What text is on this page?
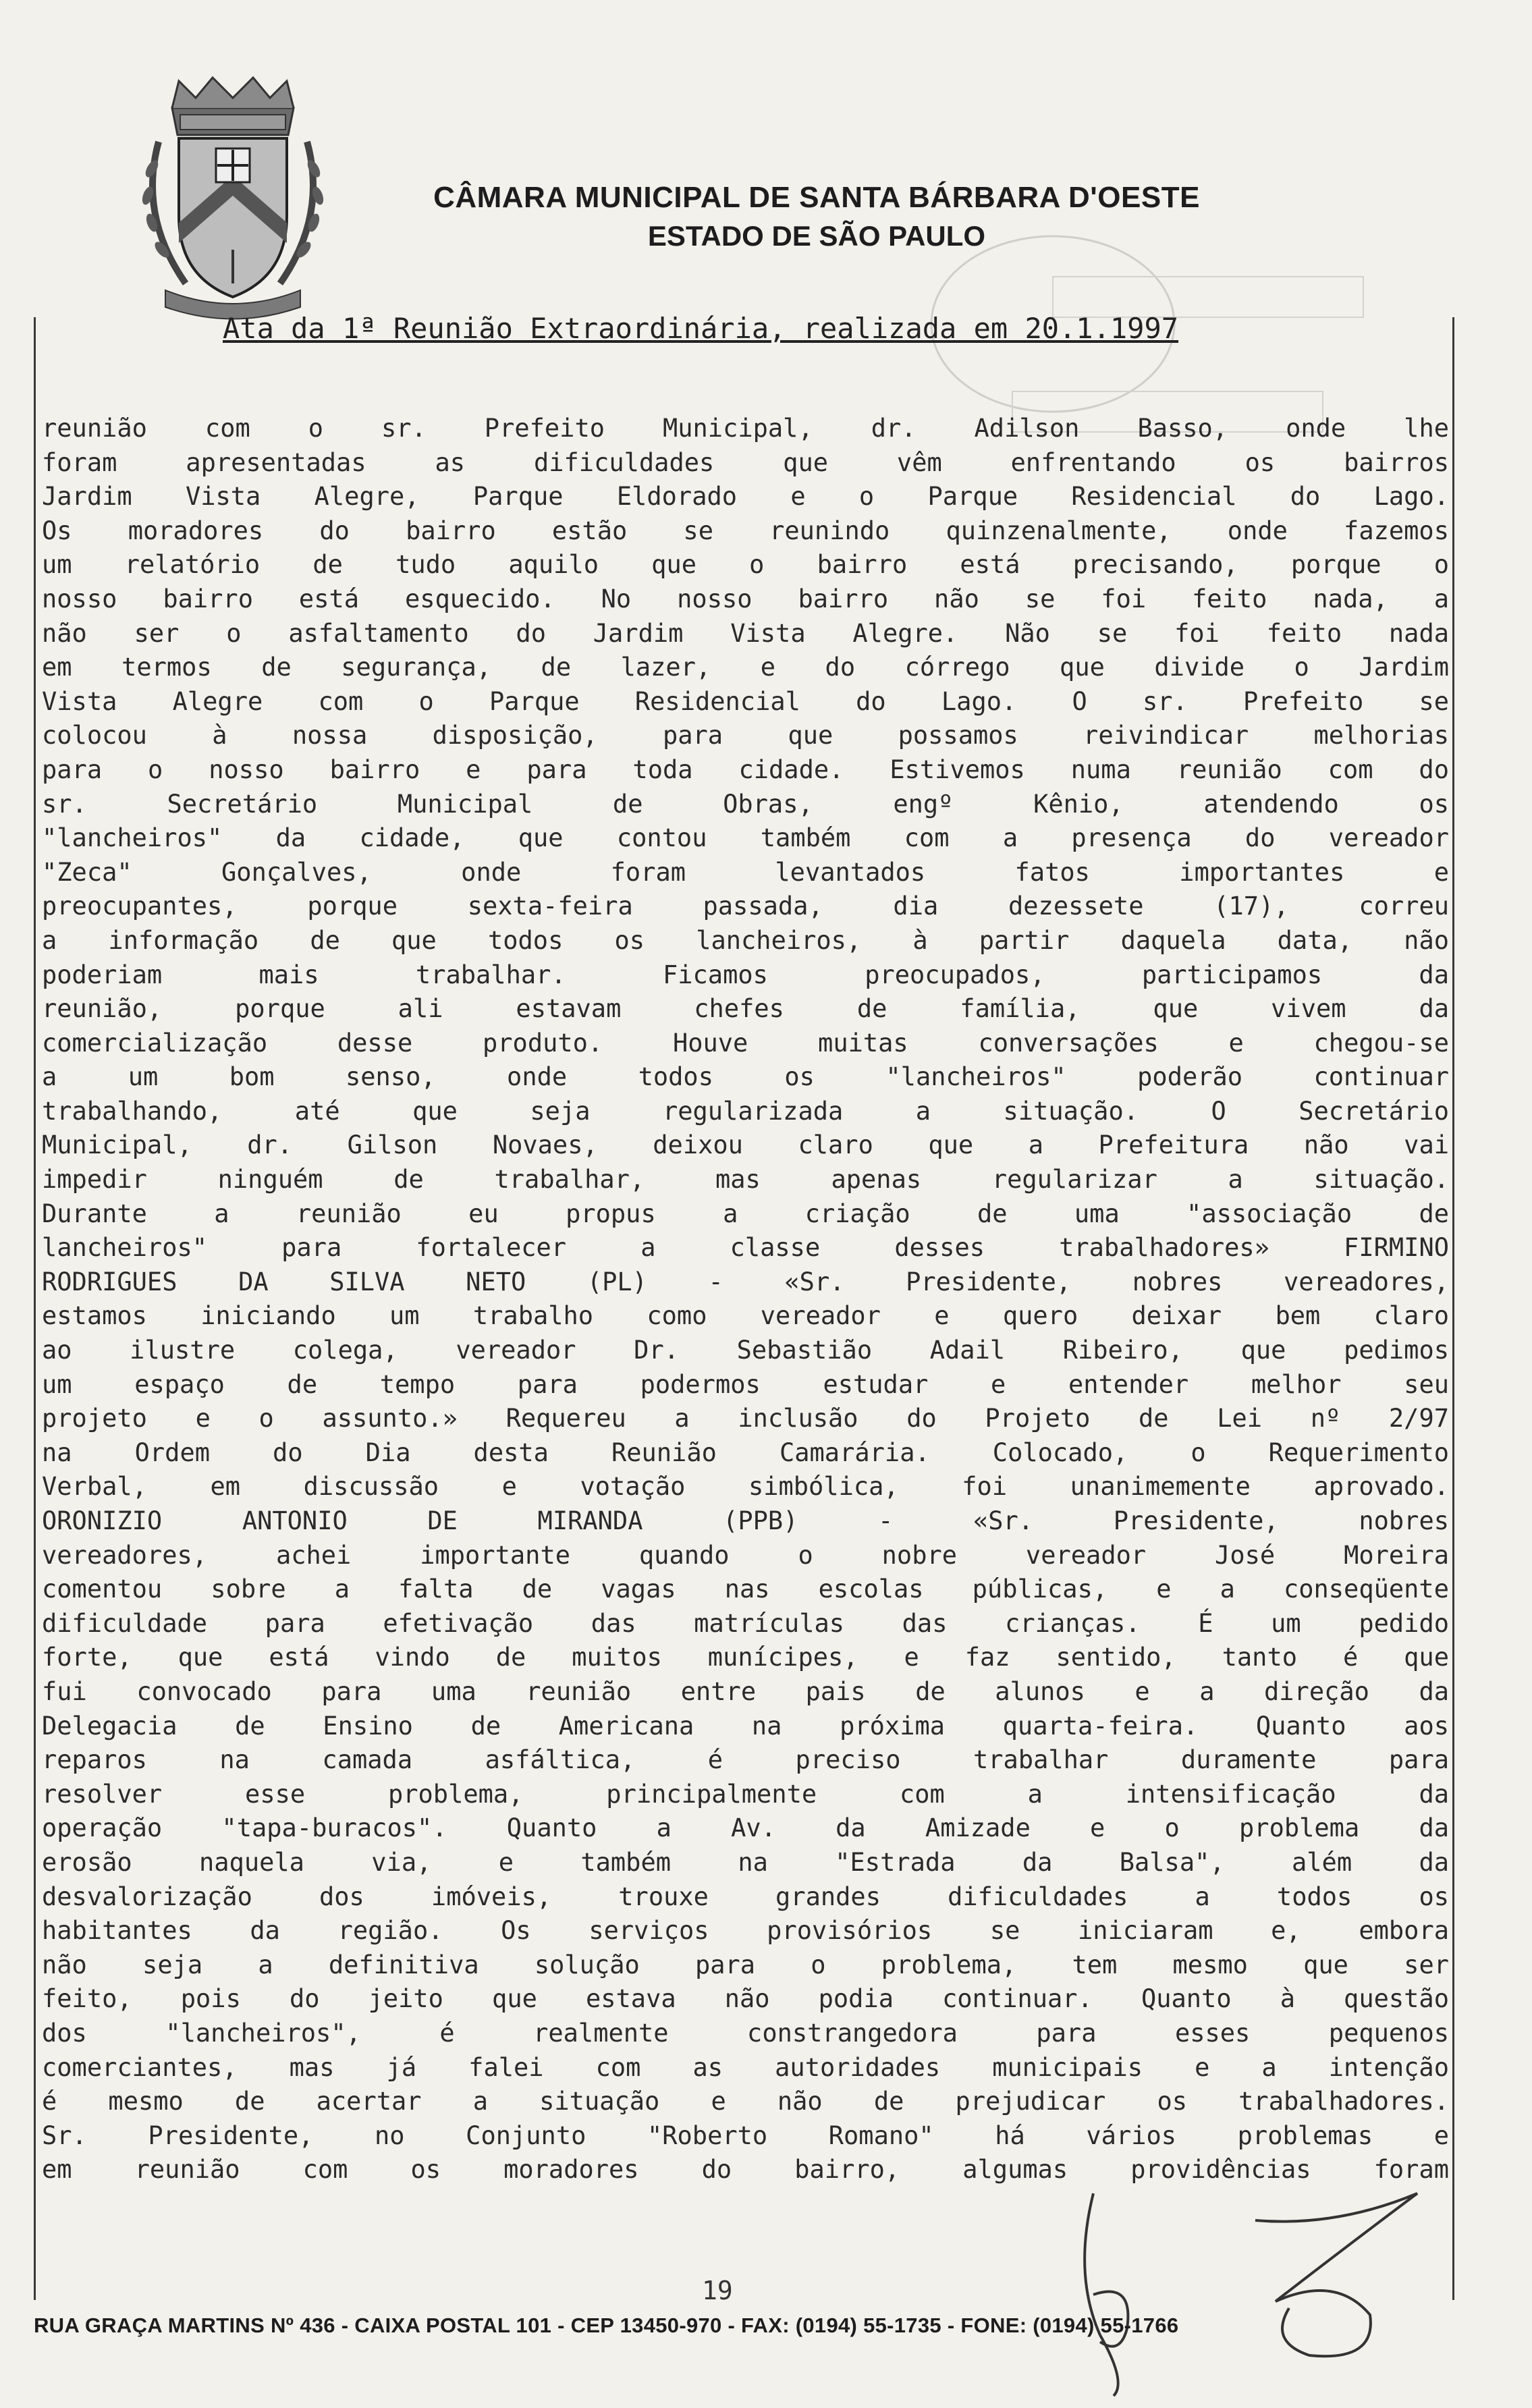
CÂMARA MUNICIPAL DE SANTA BÁRBARA D'OESTE
ESTADO DE SÃO PAULO
Ata da 1ª Reunião Extraordinária, realizada em 20.1.1997
reunião com o sr. Prefeito Municipal, dr. Adilson Basso, onde lhe
foram apresentadas as dificuldades que vêm enfrentando os bairros
Jardim Vista Alegre, Parque Eldorado e o Parque Residencial do Lago.
Os moradores do bairro estão se reunindo quinzenalmente, onde fazemos
um relatório de tudo aquilo que o bairro está precisando, porque o
nosso bairro está esquecido. No nosso bairro não se foi feito nada, a
não ser o asfaltamento do Jardim Vista Alegre. Não se foi feito nada
em termos de segurança, de lazer, e do córrego que divide o Jardim
Vista Alegre com o Parque Residencial do Lago. O sr. Prefeito se
colocou à nossa disposição, para que possamos reivindicar melhorias
para o nosso bairro e para toda cidade. Estivemos numa reunião com do
sr. Secretário Municipal de Obras, engº Kênio, atendendo os
"lancheiros" da cidade, que contou também com a presença do vereador
"Zeca" Gonçalves, onde foram levantados fatos importantes e
preocupantes, porque sexta-feira passada, dia dezessete (17), correu
a informação de que todos os lancheiros, à partir daquela data, não
poderiam mais trabalhar. Ficamos preocupados, participamos da
reunião, porque ali estavam chefes de família, que vivem da
comercialização desse produto. Houve muitas conversações e chegou-se
a um bom senso, onde todos os "lancheiros" poderão continuar
trabalhando, até que seja regularizada a situação. O Secretário
Municipal, dr. Gilson Novaes, deixou claro que a Prefeitura não vai
impedir ninguém de trabalhar, mas apenas regularizar a situação.
Durante a reunião eu propus a criação de uma "associação de
lancheiros" para fortalecer a classe desses trabalhadores» FIRMINO
RODRIGUES DA SILVA NETO (PL) - «Sr. Presidente, nobres vereadores,
estamos iniciando um trabalho como vereador e quero deixar bem claro
ao ilustre colega, vereador Dr. Sebastião Adail Ribeiro, que pedimos
um espaço de tempo para podermos estudar e entender melhor seu
projeto e o assunto.» Requereu a inclusão do Projeto de Lei nº 2/97
na Ordem do Dia desta Reunião Camarária. Colocado, o Requerimento
Verbal, em discussão e votação simbólica, foi unanimemente aprovado.
ORONIZIO ANTONIO DE MIRANDA (PPB) - «Sr. Presidente, nobres
vereadores, achei importante quando o nobre vereador José Moreira
comentou sobre a falta de vagas nas escolas públicas, e a conseqüente
dificuldade para efetivação das matrículas das crianças. É um pedido
forte, que está vindo de muitos munícipes, e faz sentido, tanto é que
fui convocado para uma reunião entre pais de alunos e a direção da
Delegacia de Ensino de Americana na próxima quarta-feira. Quanto aos
reparos na camada asfáltica, é preciso trabalhar duramente para
resolver esse problema, principalmente com a intensificação da
operação "tapa-buracos". Quanto a Av. da Amizade e o problema da
erosão naquela via, e também na "Estrada da Balsa", além da
desvalorização dos imóveis, trouxe grandes dificuldades a todos os
habitantes da região. Os serviços provisórios se iniciaram e, embora
não seja a definitiva solução para o problema, tem mesmo que ser
feito, pois do jeito que estava não podia continuar. Quanto à questão
dos "lancheiros", é realmente constrangedora para esses pequenos
comerciantes, mas já falei com as autoridades municipais e a intenção
é mesmo de acertar a situação e não de prejudicar os trabalhadores.
Sr. Presidente, no Conjunto "Roberto Romano" há vários problemas e
em reunião com os moradores do bairro, algumas providências foram
19
RUA GRAÇA MARTINS Nº 436 - CAIXA POSTAL 101 - CEP 13450-970 - FAX: (0194) 55-1735 - FONE: (0194) 55-1766
